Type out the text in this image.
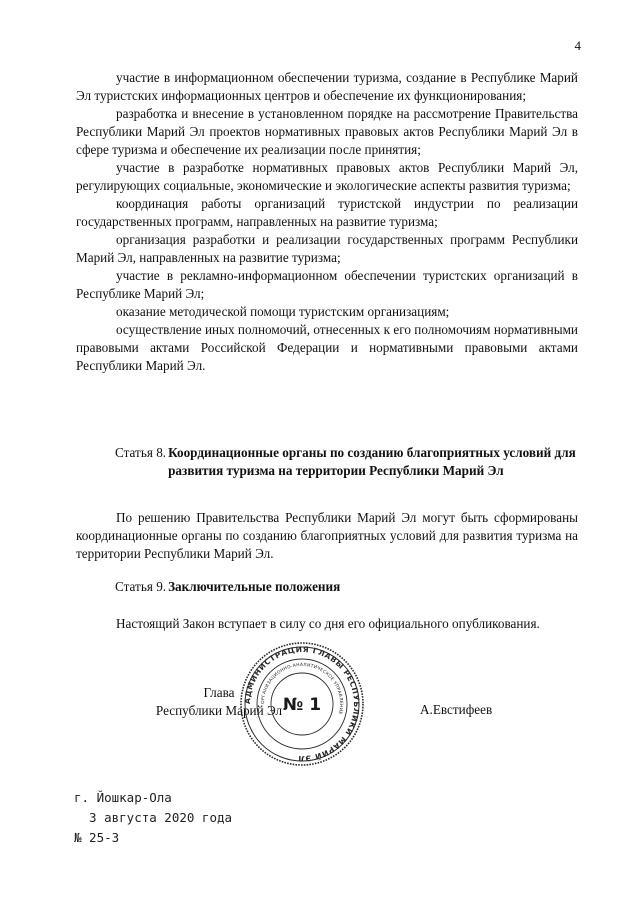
4

участие в информационном обеспечении туризма, создание в Республике Марий Эл туристских информационных центров и обеспечение их функционирования;

разработка и внесение в установленном порядке на рассмотрение Правительства Республики Марий Эл проектов нормативных правовых актов Республики Марий Эл в сфере туризма и обеспечение их реализации после принятия;

участие в разработке нормативных правовых актов Республики Марий Эл, регулирующих социальные, экономические и экологические аспекты развития туризма;

координация работы организаций туристской индустрии по реализации государственных программ, направленных на развитие туризма;

организация разработки и реализации государственных программ Республики Марий Эл, направленных на развитие туризма;

участие в рекламно-информационном обеспечении туристских организаций в Республике Марий Эл;

оказание методической помощи туристским организациям;

осуществление иных полномочий, отнесенных к его полномочиям нормативными правовыми актами Российской Федерации и нормативными правовыми актами Республики Марий Эл.

Статья 8. Координационные органы по созданию благоприятных условий для развития туризма на территории Республики Марий Эл

По решению Правительства Республики Марий Эл могут быть сформированы координационные органы по созданию благоприятных условий для развития туризма на территории Республики Марий Эл.

Статья 9. Заключительные положения

Настоящий Закон вступает в силу со дня его официального опубликования.

Глава
Республики Марий Эл	А.Евстифеев
АДМИНИСТРАЦИЯ ГЛАВЫ РЕСПУБЛИКИ МАРИЙ ЭЛ
ОРГАНИЗАЦИОННО-АНАЛИТИЧЕСКОЕ УПРАВЛЕНИЕ
№ 1
г. Йошкар-Ола
3 августа 2020 года
№ 25-З
